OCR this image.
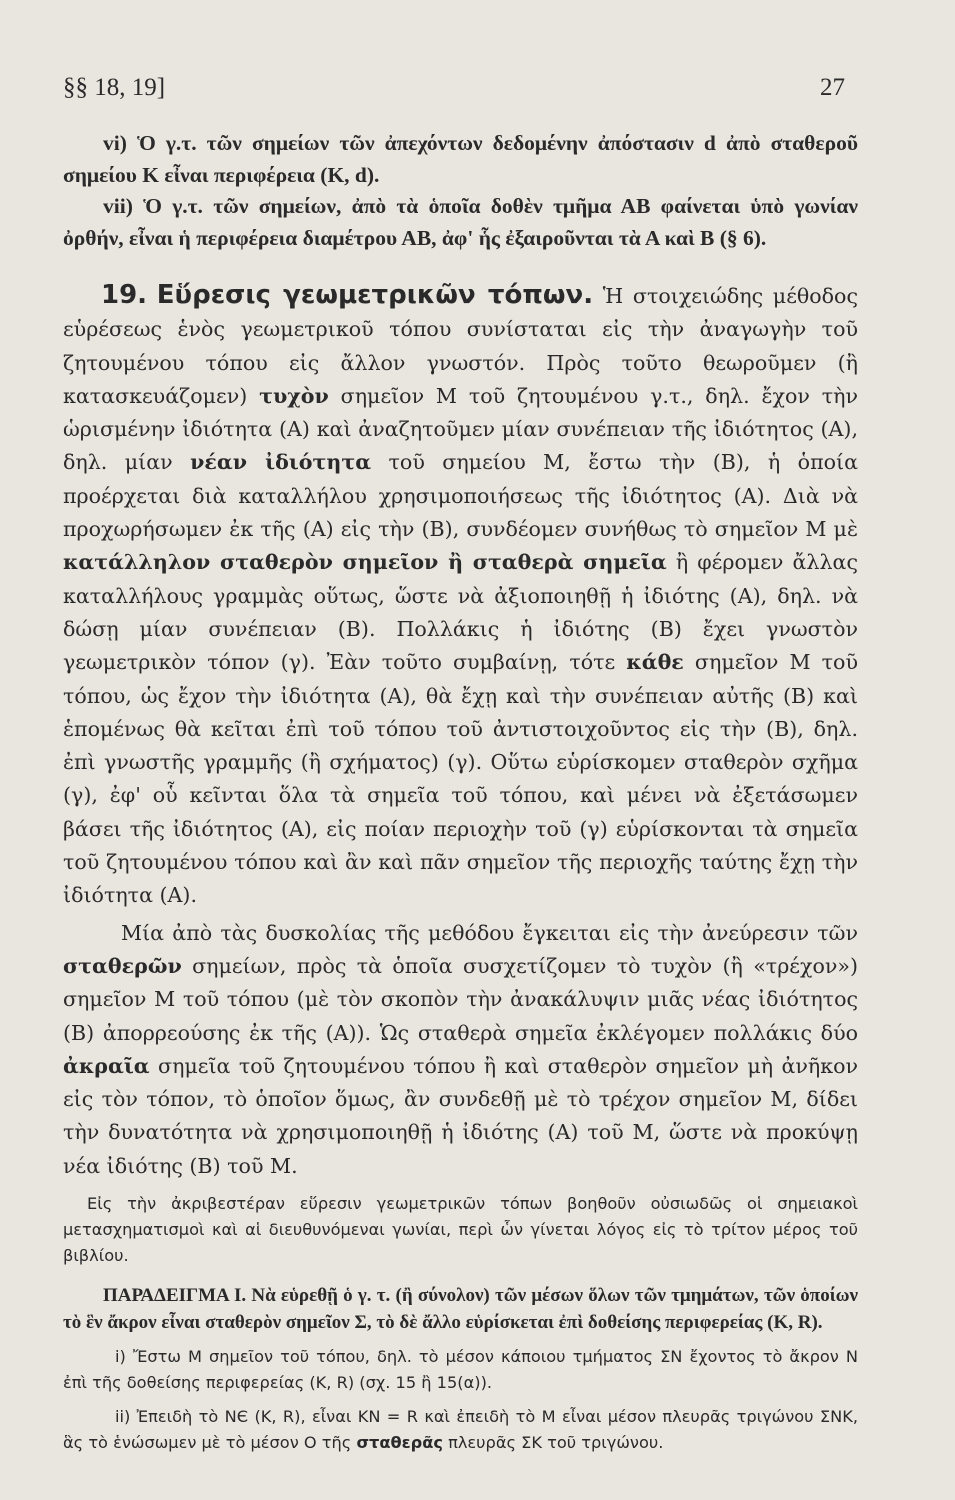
§§ 18, 19]	27

vi) Ὁ γ.τ. τῶν σημείων τῶν ἀπεχόντων δεδομένην ἀπόστασιν d ἀπὸ σταθεροῦ σημείου Κ εἶναι περιφέρεια (Κ, d).

vii) Ὁ γ.τ. τῶν σημείων, ἀπὸ τὰ ὁποῖα δοθὲν τμῆμα ΑΒ φαίνεται ὑπὸ γωνίαν ὀρθήν, εἶναι ἡ περιφέρεια διαμέτρου ΑΒ, ἀφ' ἧς ἐξαιροῦνται τὰ Α καὶ Β (§ 6).

19. Εὕρεσις γεωμετρικῶν τόπων. Ἡ στοιχειώδης μέθοδος εὑρέσεως ἑνὸς γεωμετρικοῦ τόπου συνίσταται εἰς τὴν ἀναγωγὴν τοῦ ζητουμένου τόπου εἰς ἄλλον γνωστόν. Πρὸς τοῦτο θεωροῦμεν (ἢ κατασκευάζομεν) τυχὸν σημεῖον Μ τοῦ ζητουμένου γ.τ., δηλ. ἔχον τὴν ὡρισμένην ἰδιότητα (Α) καὶ ἀναζητοῦμεν μίαν συνέπειαν τῆς ἰδιότητος (Α), δηλ. μίαν νέαν ἰδιότητα τοῦ σημείου Μ, ἔστω τὴν (Β), ἡ ὁποία προέρχεται διὰ καταλλήλου χρησιμοποιήσεως τῆς ἰδιότητος (Α). Διὰ νὰ προχωρήσωμεν ἐκ τῆς (Α) εἰς τὴν (Β), συνδέομεν συνήθως τὸ σημεῖον Μ μὲ κατάλληλον σταθερὸν σημεῖον ἢ σταθερὰ σημεῖα ἢ φέρομεν ἄλλας καταλλήλους γραμμὰς οὕτως, ὥστε νὰ ἀξιοποιηθῇ ἡ ἰδιότης (Α), δηλ. νὰ δώσῃ μίαν συνέπειαν (Β). Πολλάκις ἡ ἰδιότης (Β) ἔχει γνωστὸν γεωμετρικὸν τόπον (γ). Ἐὰν τοῦτο συμβαίνῃ, τότε κάθε σημεῖον Μ τοῦ τόπου, ὡς ἔχον τὴν ἰδιότητα (Α), θὰ ἔχῃ καὶ τὴν συνέπειαν αὐτῆς (Β) καὶ ἑπομένως θὰ κεῖται ἐπὶ τοῦ τόπου τοῦ ἀντιστοιχοῦντος εἰς τὴν (Β), δηλ. ἐπὶ γνωστῆς γραμμῆς (ἢ σχήματος) (γ). Οὕτω εὑρίσκομεν σταθερὸν σχῆμα (γ), ἐφ' οὗ κεῖνται ὅλα τὰ σημεῖα τοῦ τόπου, καὶ μένει νὰ ἐξετάσωμεν βάσει τῆς ἰδιότητος (Α), εἰς ποίαν περιοχὴν τοῦ (γ) εὑρίσκονται τὰ σημεῖα τοῦ ζητουμένου τόπου καὶ ἂν καὶ πᾶν σημεῖον τῆς περιοχῆς ταύτης ἔχῃ τὴν ἰδιότητα (Α).

Μία ἀπὸ τὰς δυσκολίας τῆς μεθόδου ἔγκειται εἰς τὴν ἀνεύρεσιν τῶν σταθερῶν σημείων, πρὸς τὰ ὁποῖα συσχετίζομεν τὸ τυχὸν (ἢ «τρέχον») σημεῖον Μ τοῦ τόπου (μὲ τὸν σκοπὸν τὴν ἀνακάλυψιν μιᾶς νέας ἰδιότητος (Β) ἀπορρεούσης ἐκ τῆς (Α)). Ὡς σταθερὰ σημεῖα ἐκλέγομεν πολλάκις δύο ἀκραῖα σημεῖα τοῦ ζητουμένου τόπου ἢ καὶ σταθερὸν σημεῖον μὴ ἀνῆκον εἰς τὸν τόπον, τὸ ὁποῖον ὅμως, ἂν συνδεθῇ μὲ τὸ τρέχον σημεῖον Μ, δίδει τὴν δυνατότητα νὰ χρησιμοποιηθῇ ἡ ἰδιότης (Α) τοῦ Μ, ὥστε νὰ προκύψῃ νέα ἰδιότης (Β) τοῦ Μ.

Εἰς τὴν ἀκριβεστέραν εὕρεσιν γεωμετρικῶν τόπων βοηθοῦν οὐσιωδῶς οἱ σημειακοὶ μετασχηματισμοὶ καὶ αἱ διευθυνόμεναι γωνίαι, περὶ ὧν γίνεται λόγος εἰς τὸ τρίτον μέρος τοῦ βιβλίου.

ΠΑΡΑΔΕΙΓΜΑ Ι. Νὰ εὑρεθῇ ὁ γ. τ. (ἢ σύνολον) τῶν μέσων ὅλων τῶν τμημάτων, τῶν ὁποίων τὸ ἓν ἄκρον εἶναι σταθερὸν σημεῖον Σ, τὸ δὲ ἄλλο εὑρίσκεται ἐπὶ δοθείσης περιφερείας (Κ, R).

i) Ἔστω Μ σημεῖον τοῦ τόπου, δηλ. τὸ μέσον κάποιου τμήματος ΣΝ ἔχοντος τὸ ἄκρον Ν ἐπὶ τῆς δοθείσης περιφερείας (Κ, R) (σχ. 15 ἢ 15(α)).

ii) Ἐπειδὴ τὸ ΝЄ (Κ, R), εἶναι ΚΝ = R καὶ ἐπειδὴ τὸ Μ εἶναι μέσον πλευρᾶς τριγώνου ΣΝΚ, ἃς τὸ ἑνώσωμεν μὲ τὸ μέσον Ο τῆς σταθερᾶς πλευρᾶς ΣΚ τοῦ τριγώνου.
